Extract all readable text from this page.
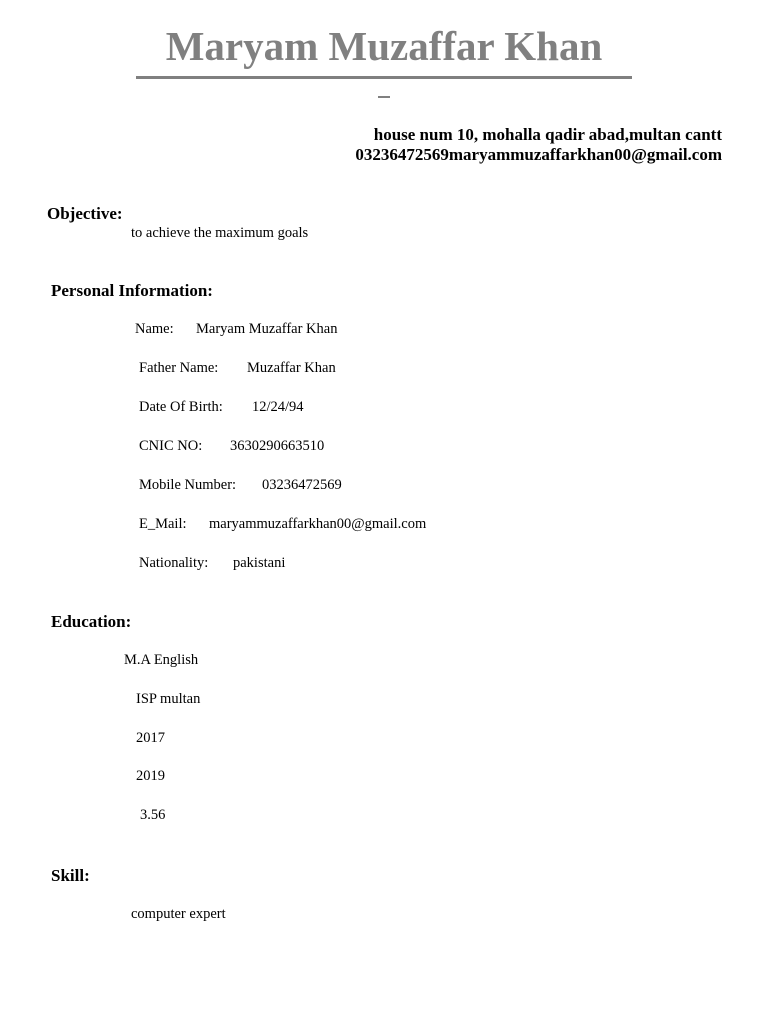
Maryam Muzaffar Khan
house num 10, mohalla qadir abad,multan cantt
03236472569maryammuzaffarkhan00@gmail.com
Objective:
to achieve the maximum goals
Personal Information:
Name: Maryam Muzaffar Khan
Father Name: Muzaffar Khan
Date Of Birth: 12/24/94
CNIC NO: 3630290663510
Mobile Number: 03236472569
E_Mail: maryammuzaffarkhan00@gmail.com
Nationality: pakistani
Education:
M.A English
ISP multan
2017
2019
3.56
Skill:
computer expert
